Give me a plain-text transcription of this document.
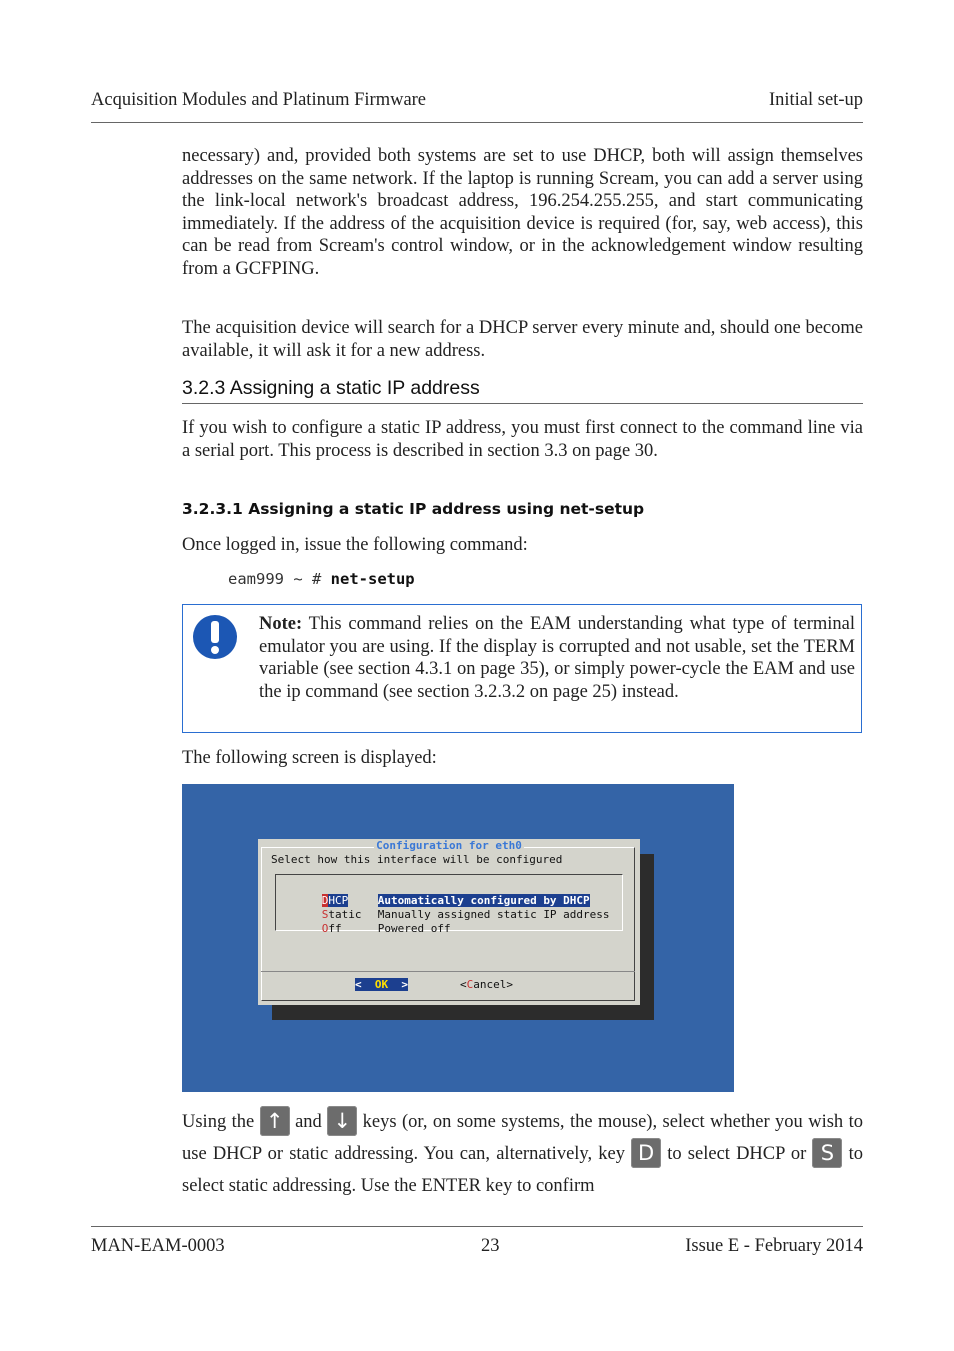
Acquisition Modules and Platinum Firmware	Initial set-up

necessary) and, provided both systems are set to use DHCP, both will assign themselves addresses on the same network. If the laptop is running Scream, you can add a server using the link-local network's broadcast address, 196.254.255.255, and start communicating immediately. If the address of the acquisition device is required (for, say, web access), this can be read from Scream's control window, or in the acknowledgement window resulting from a GCFPING.

The acquisition device will search for a DHCP server every minute and, should one become available, it will ask it for a new address.

3.2.3 Assigning a static IP address

If you wish to configure a static IP address, you must first connect to the command line via a serial port. This process is described in section 3.3 on page 30.

3.2.3.1 Assigning a static IP address using net-setup

Once logged in, issue the following command:

eam999 ~ # net-setup
Note: This command relies on the EAM understanding what type of terminal emulator you are using. If the display is corrupted and not usable, set the TERM variable (see section 4.3.1 on page 35), or simply power-cycle the EAM and use the ip command (see section 3.2.3.2 on page 25) instead.

The following screen is displayed:

Configuration for eth0
Select how this interface will be configured

DHCP	Automatically configured by DHCP

Static Manually assigned static IP address

Off	Powered off

<  OK  >	<Cancel>

Using the ↑ and ↓ keys (or, on some systems, the mouse), select whether you wish to use DHCP or static addressing. You can, alternatively, key D to select DHCP or S to select static addressing. Use the ENTER key to confirm

MAN-EAM-0003	23	Issue E - February 2014
